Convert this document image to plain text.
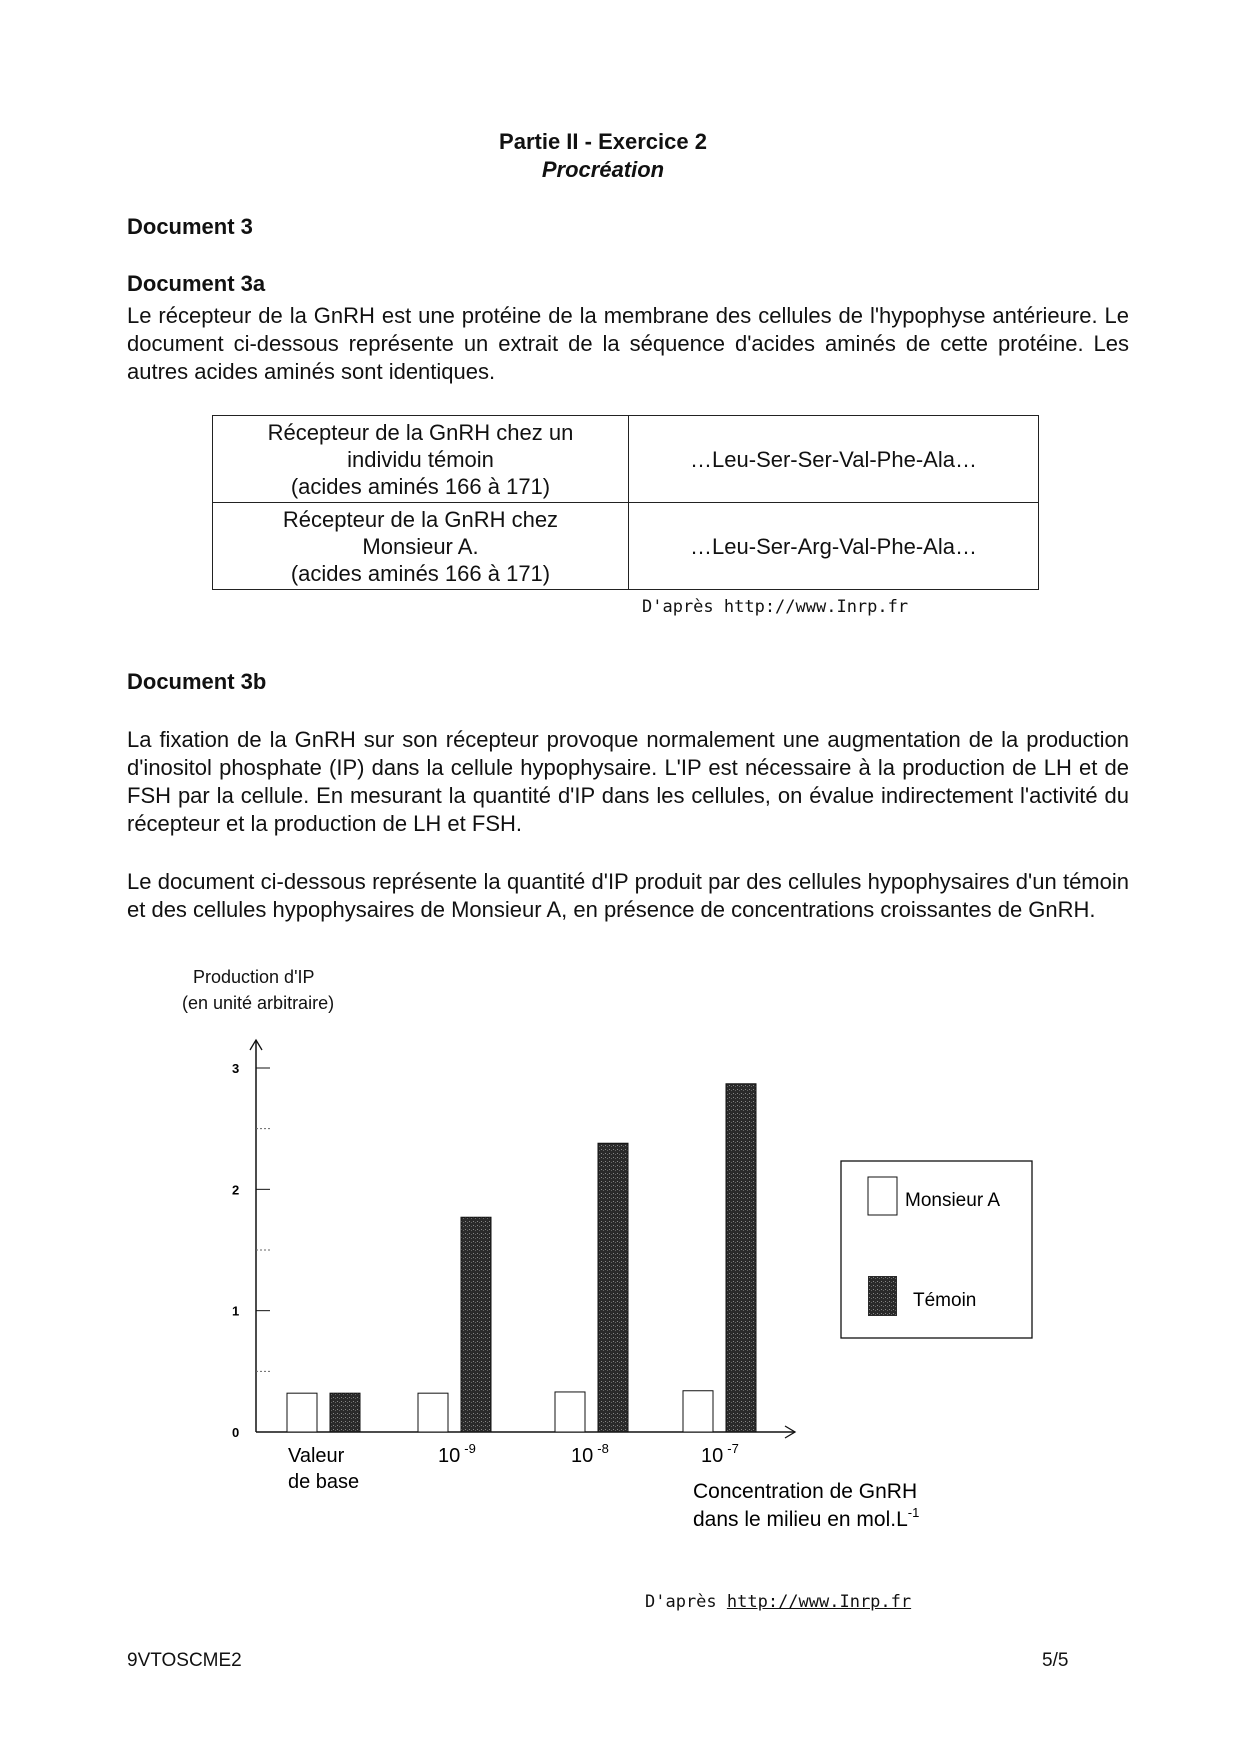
Partie II - Exercice 2
Procréation
Document 3
Document 3a
Le récepteur de la GnRH est une protéine de la membrane des cellules de l'hypophyse antérieure. Le document ci-dessous représente un extrait de la séquence d'acides aminés de cette protéine. Les autres acides aminés sont identiques.
Récepteur de la GnRH chez un
individu témoin
(acides aminés 166 à 171)	…Leu-Ser-Ser-Val-Phe-Ala…

Récepteur de la GnRH chez
Monsieur A.
(acides aminés 166 à 171)	…Leu-Ser-Arg-Val-Phe-Ala…
D'après http://www.Inrp.fr
Document 3b
La fixation de la GnRH sur son récepteur provoque normalement une augmentation de la production d'inositol phosphate (IP) dans la cellule hypophysaire. L'IP est nécessaire à la production de LH et de FSH par la cellule. En mesurant la quantité d'IP dans les cellules, on évalue indirectement l'activité du récepteur et la production de LH et FSH.
Le document ci-dessous représente la quantité d'IP produit par des cellules hypophysaires d'un témoin et des cellules hypophysaires de Monsieur A, en présence de concentrations croissantes de GnRH.
Production d'IP
(en unité arbitraire)
0
1
2
3
Valeur
de base
10 $^{-9}$	10 $^{-8}$	10 $^{-7}$
Monsieur A
Témoin
Concentration de GnRH
dans le milieu en $mol.L^{-1}$
D'après http://www.Inrp.fr
9VTOSCME2	5/5
